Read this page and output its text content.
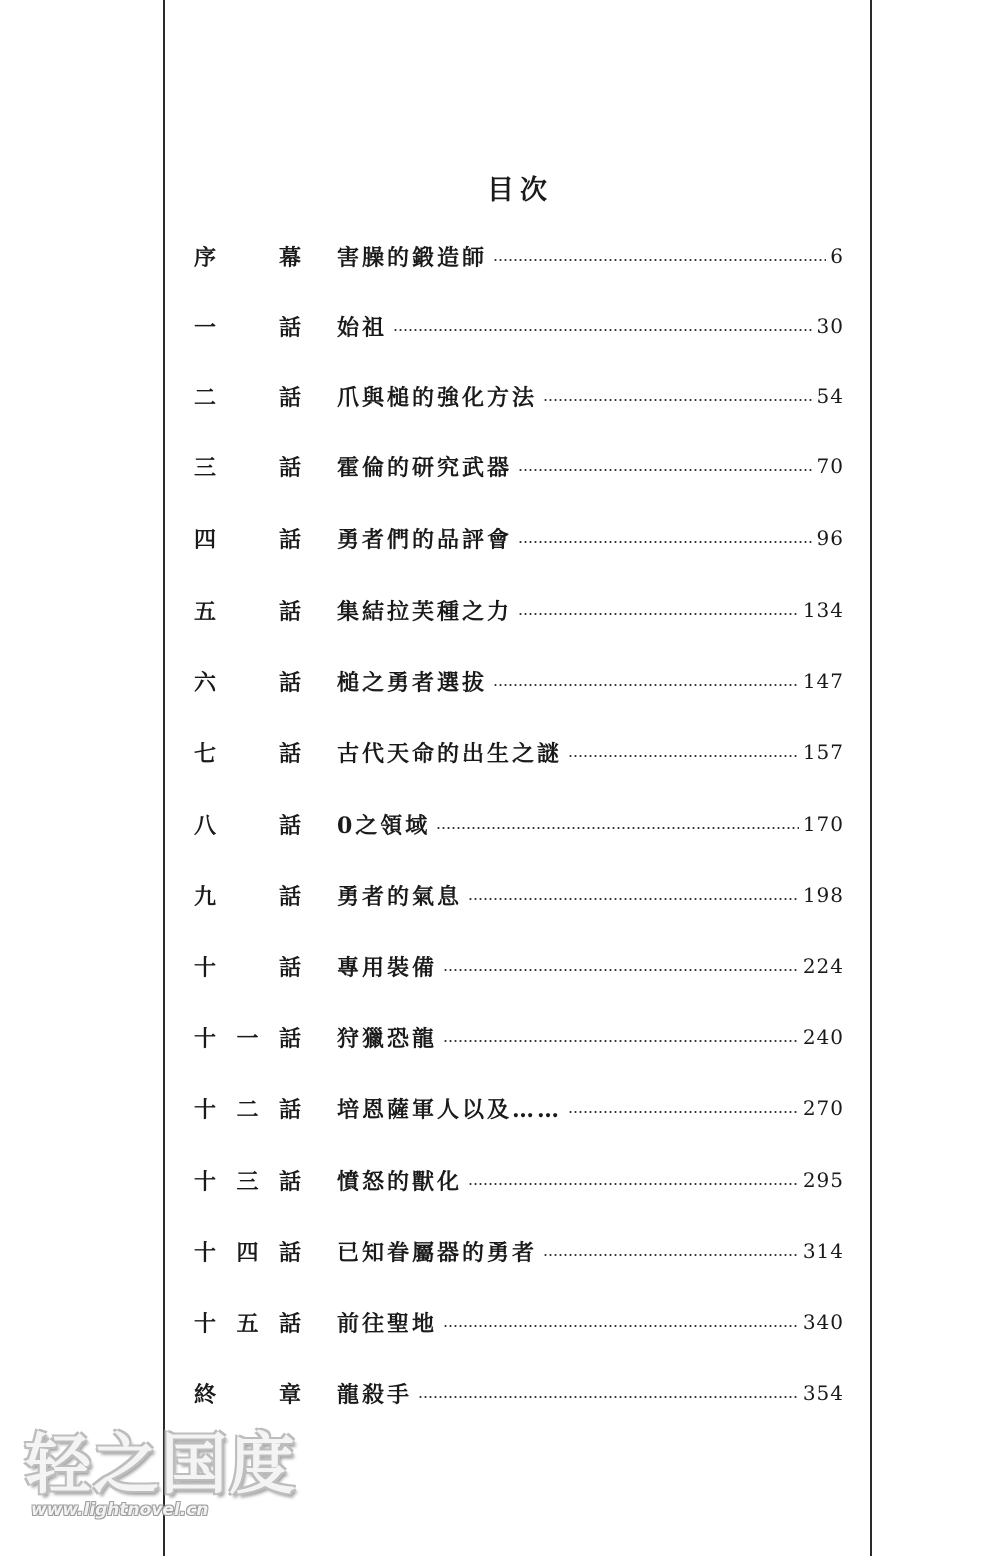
目次
序	幕 害臊的鍛造師	6
一	話 始祖	30
二	話 爪與槌的強化方法	54
三	話 霍倫的研究武器	70
四	話 勇者們的品評會	96
五	話 集結拉芙種之力	134
六	話 槌之勇者選拔	147
七	話 古代天命的出生之謎	157
八	話 0之領域	170
九	話 勇者的氣息	198
十	話 專用裝備	224
十 一 話 狩獵恐龍	240
十 二 話 培恩薩軍人以及……	270
十 三 話 憤怒的獸化	295
十 四 話 已知眷屬器的勇者	314
十 五 話 前往聖地	340
終	章 龍殺手	354
轻之国度
www.lightnovel.cn
